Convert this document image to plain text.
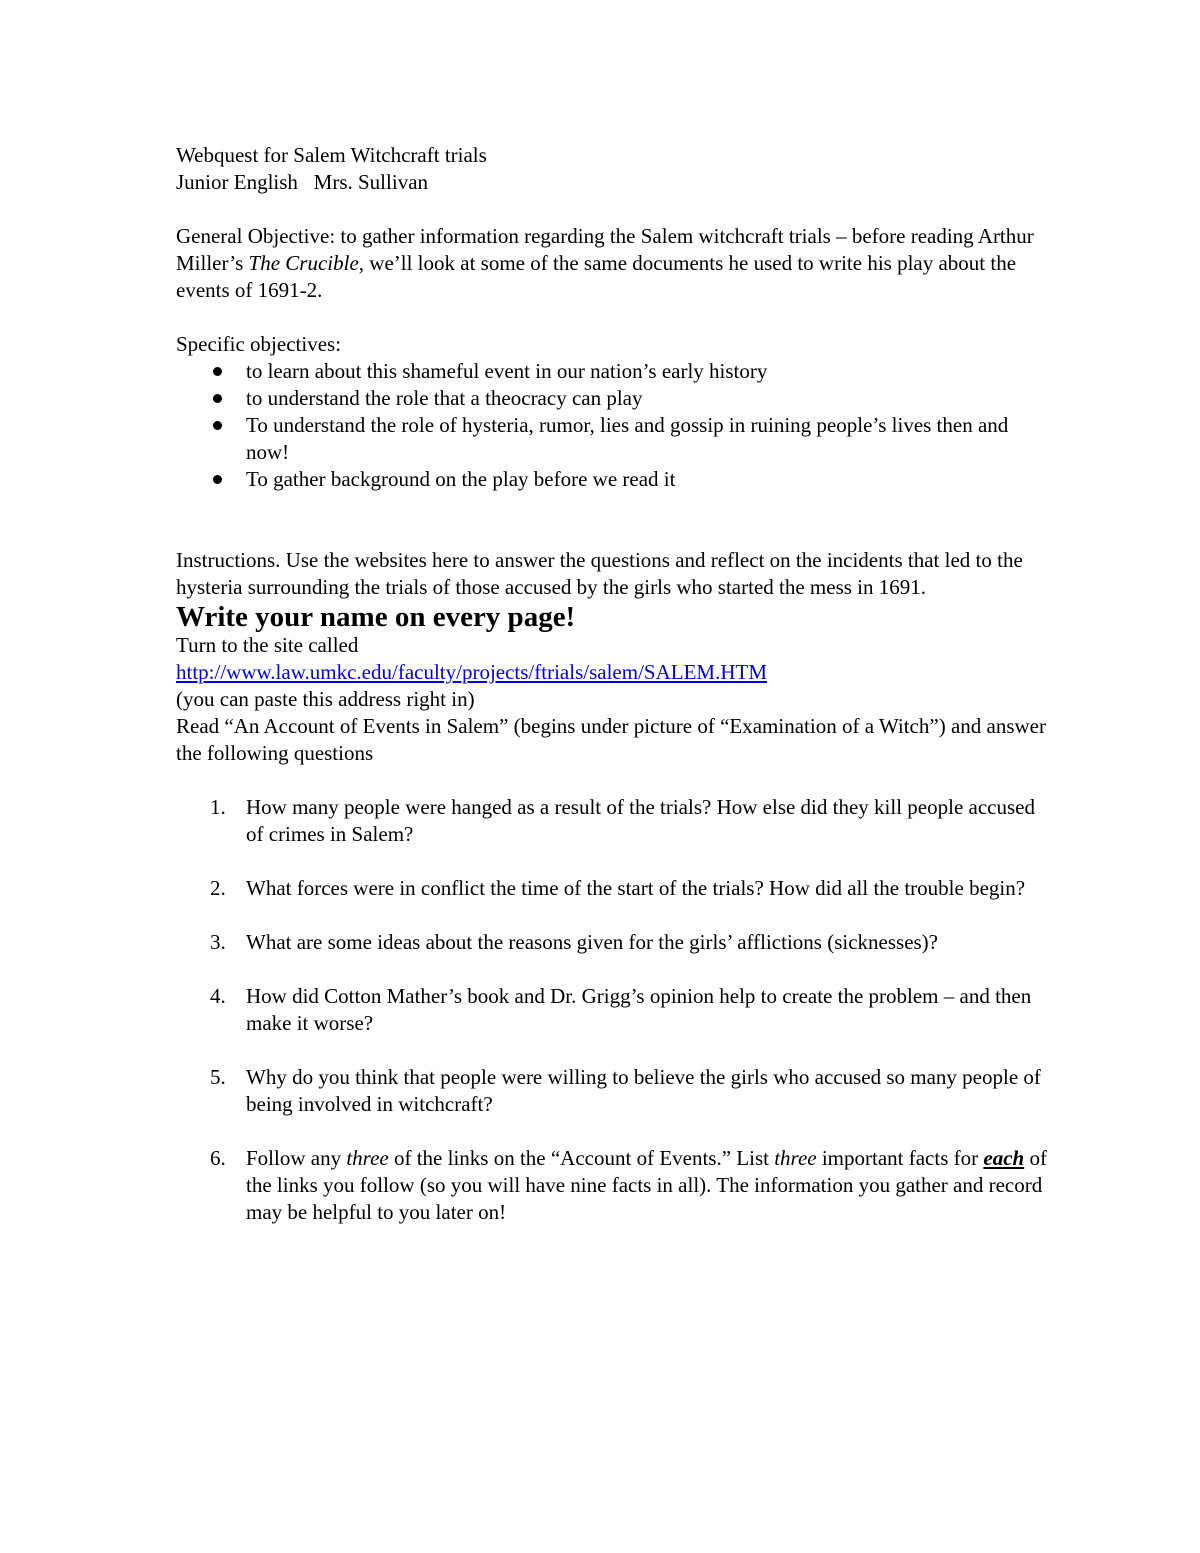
Webquest for Salem Witchcraft trials

Junior English   Mrs. Sullivan

General Objective: to gather information regarding the Salem witchcraft trials – before reading Arthur Miller’s The Crucible, we’ll look at some of the same documents he used to write his play about the events of 1691-2.

Specific objectives:

to learn about this shameful event in our nation’s early history
to understand the role that a theocracy can play
To understand the role of hysteria, rumor, lies and gossip in ruining people’s lives then and now!
To gather background on the play before we read it

Instructions. Use the websites here to answer the questions and reflect on the incidents that led to the hysteria surrounding the trials of those accused by the girls who started the mess in 1691.

Write your name on every page!

Turn to the site called

http://www.law.umkc.edu/faculty/projects/ftrials/salem/SALEM.HTM

(you can paste this address right in)

Read “An Account of Events in Salem” (begins under picture of “Examination of a Witch”) and answer the following questions

1. How many people were hanged as a result of the trials? How else did they kill people accused of crimes in Salem?
2. What forces were in conflict the time of the start of the trials? How did all the trouble begin?
3. What are some ideas about the reasons given for the girls’ afflictions (sicknesses)?
4. How did Cotton Mather’s book and Dr. Grigg’s opinion help to create the problem – and then make it worse?
5. Why do you think that people were willing to believe the girls who accused so many people of being involved in witchcraft?
6. Follow any three of the links on the “Account of Events.” List three important facts for each of the links you follow (so you will have nine facts in all). The information you gather and record may be helpful to you later on!
